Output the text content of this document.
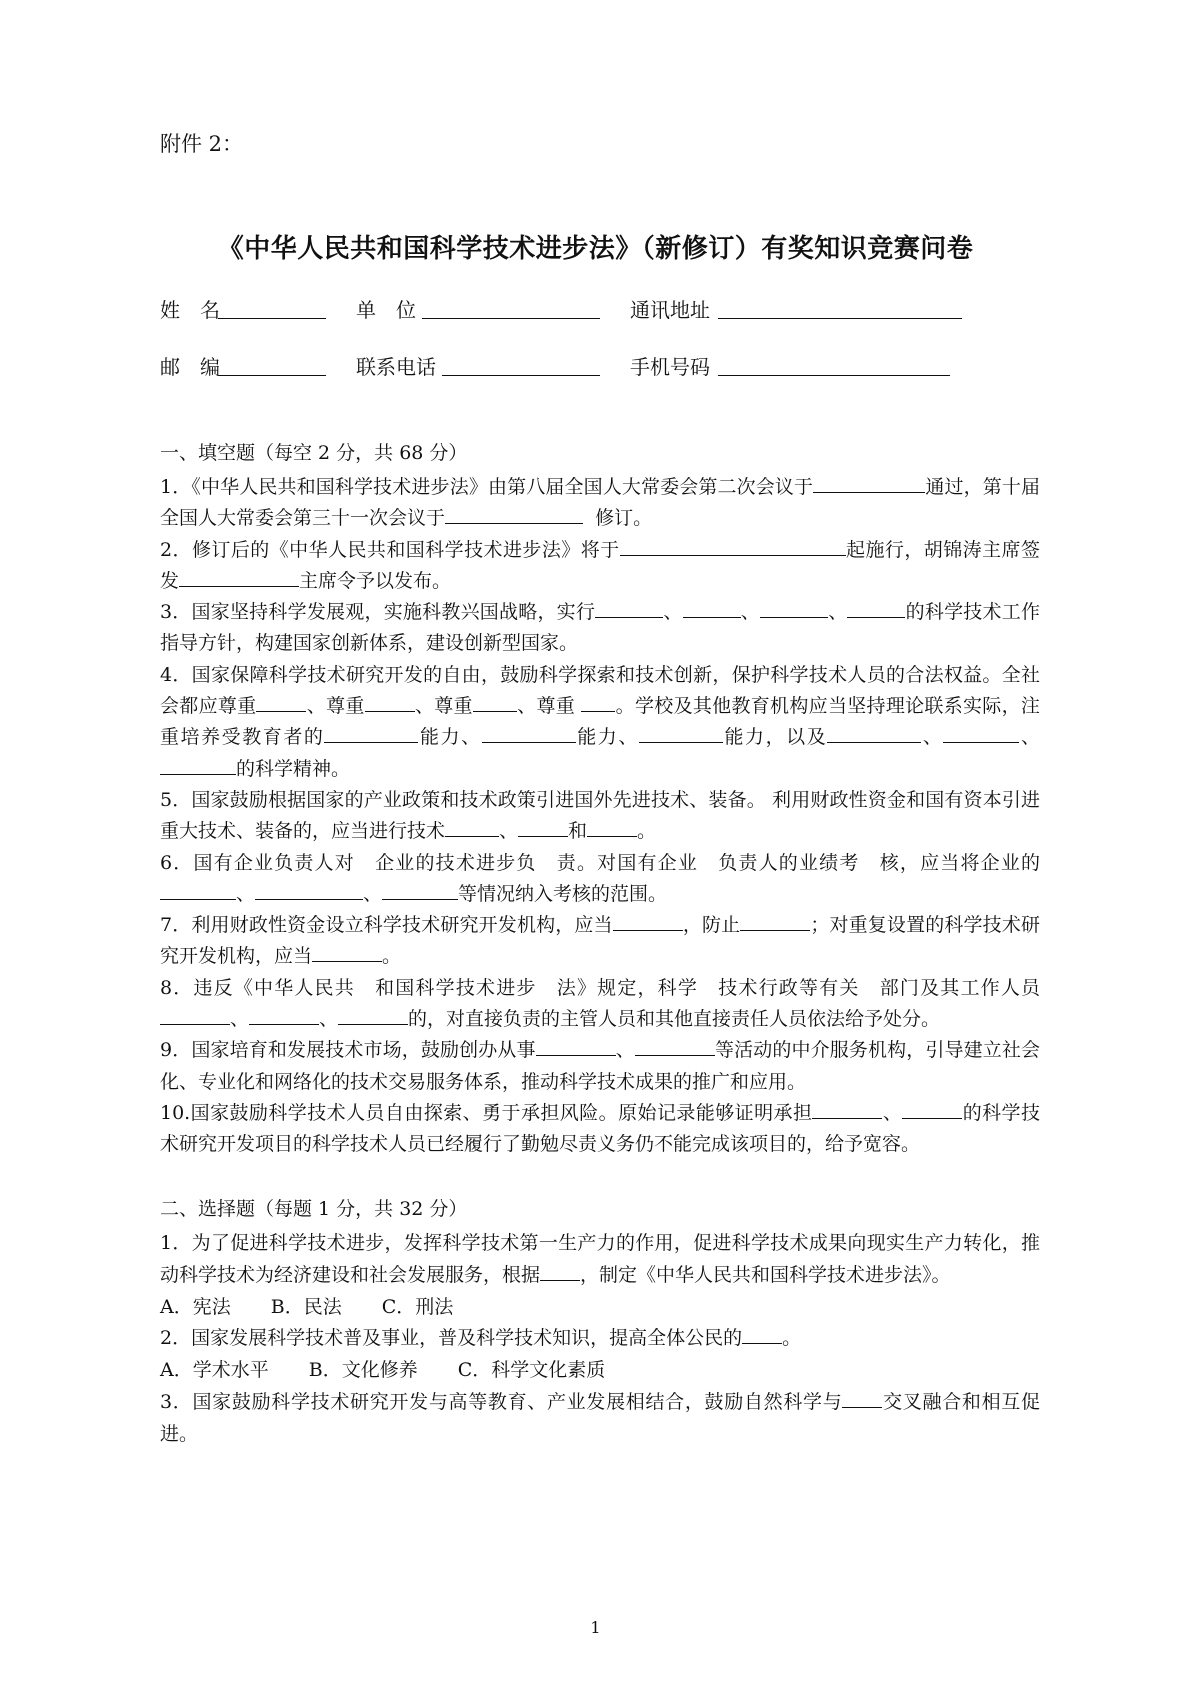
附件 2：
《中华人民共和国科学技术进步法》（新修订）有奖知识竞赛问卷
姓　名	单　位	通讯地址
邮　编	联系电话	手机号码
一、填空题（每空 2 分，共 68 分）

1．《中华人民共和国科学技术进步法》由第八届全国人大常委会第二次会议于	通过，第十届全国人大常委会第三十一次会议于	修订。

2．修订后的《中华人民共和国科学技术进步法》将于	起施行，胡锦涛主席签发	主席令予以发布。

3．国家坚持科学发展观，实施科教兴国战略，实行	、	、	、	的科学技术工作指导方针，构建国家创新体系，建设创新型国家。

4．国家保障科学技术研究开发的自由，鼓励科学探索和技术创新，保护科学技术人员的合法权益。全社会都应尊重	、尊重	、尊重 、尊重 。学校及其他教育机构应当坚持理论联系实际，注重培养受教育者的	能力、	能力、	能力，以及	、	、的科学精神。

5．国家鼓励根据国家的产业政策和技术政策引进国外先进技术、装备。 利用财政性资金和国有资本引进重大技术、装备的，应当进行技术	、	和	。

6．国有企业负责人对　企业的技术进步负　责。对国有企业　负责人的业绩考　核，应当将企业的、	、	等情况纳入考核的范围。

7．利用财政性资金设立科学技术研究开发机构，应当	，防止	；对重复设置的科学技术研究开发机构，应当	。

8．违反《中华人民共　和国科学技术进步　法》规定，科学　技术行政等有关　部门及其工作人员、	、	的，对直接负责的主管人员和其他直接责任人员依法给予处分。

9．国家培育和发展技术市场，鼓励创办从事	、	等活动的中介服务机构，引导建立社会化、专业化和网络化的技术交易服务体系，推动科学技术成果的推广和应用。

10.国家鼓励科学技术人员自由探索、勇于承担风险。原始记录能够证明承担	、	的科学技术研究开发项目的科学技术人员已经履行了勤勉尽责义务仍不能完成该项目的，给予宽容。

二、选择题（每题 1 分，共 32 分）

1．为了促进科学技术进步，发挥科学技术第一生产力的作用，促进科学技术成果向现实生产力转化，推动科学技术为经济建设和社会发展服务，根据 ，制定《中华人民共和国科学技术进步法》。

A．宪法 B．民法 C．刑法

2．国家发展科学技术普及事业，普及科学技术知识，提高全体公民的 。

A．学术水平 B．文化修养 C．科学文化素质

3．国家鼓励科学技术研究开发与高等教育、产业发展相结合，鼓励自然科学与 交叉融合和相互促进。

1
